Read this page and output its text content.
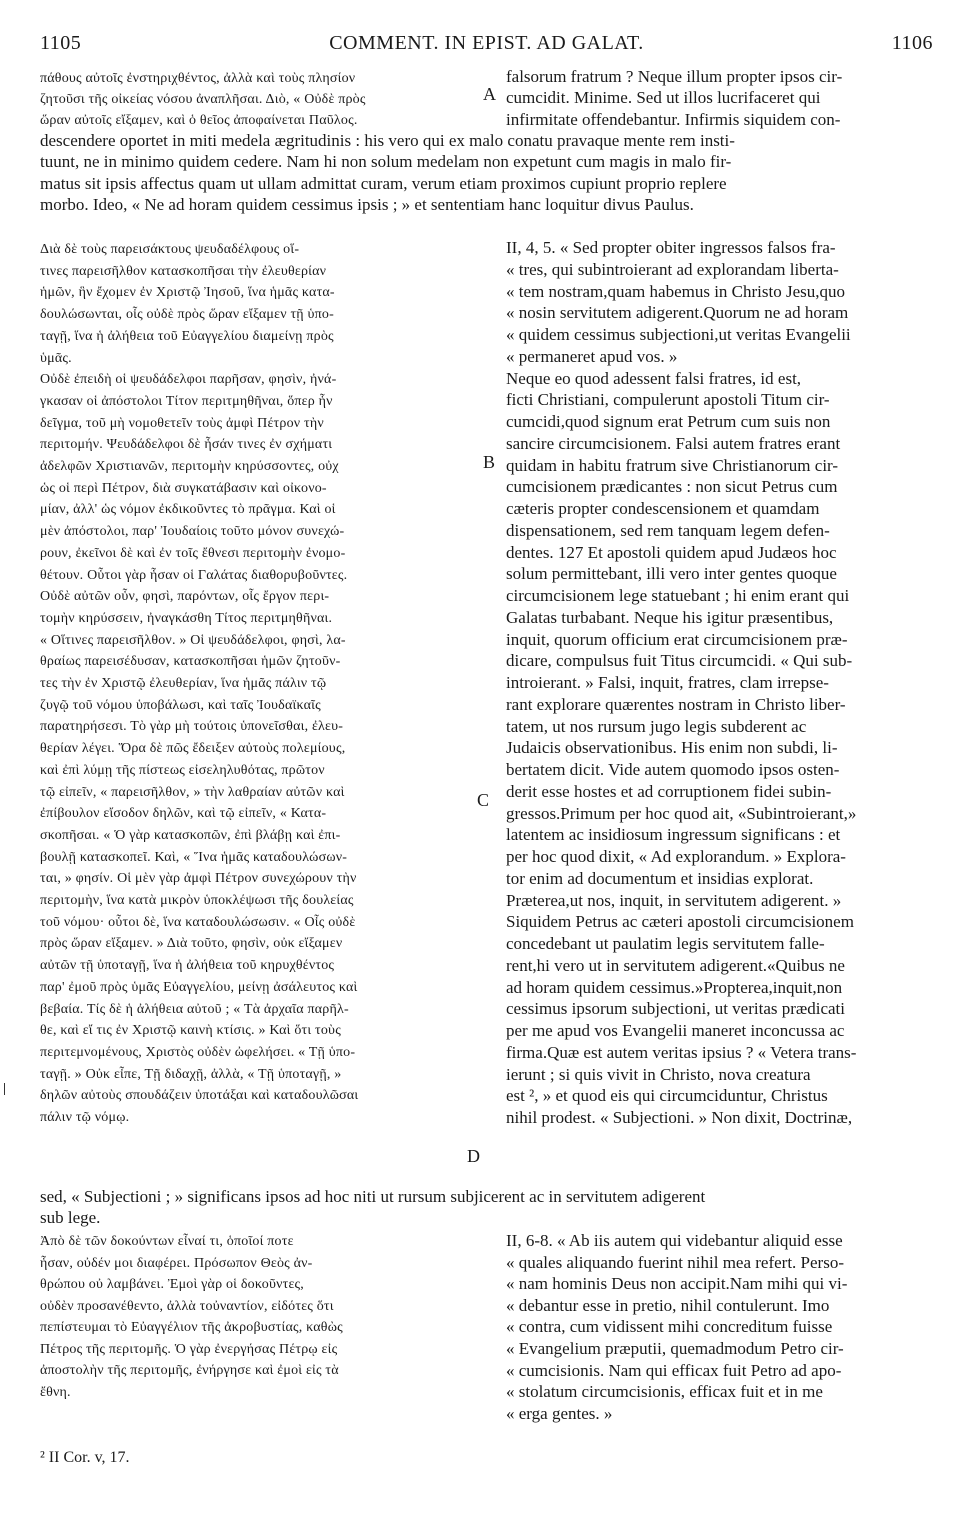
1105	COMMENT. IN EPIST. AD GALAT.	1106
A
B
C
D
πάθους αὐτοῖς ἐνστηριχθέντος, ἀλλὰ καὶ τοὺς πλησίον
ζητοῦσι τῆς οἰκείας νόσου ἀναπλῆσαι. Διὸ, « Οὐδὲ πρὸς
ὥραν αὐτοῖς εἴξαμεν, καὶ ὁ θεῖος ἀποφαίνεται Παῦλος.
falsorum fratrum ? Neque illum propter ipsos cir-
cumcidit. Minime. Sed ut illos lucrifaceret qui
infirmitate offendebantur. Infirmis siquidem con-
descendere oportet in miti medela ægritudinis : his vero qui ex malo conatu pravaque mente rem insti-
tuunt, ne in minimo quidem cedere. Nam hi non solum medelam non expetunt cum magis in malo fir-
matus sit ipsis affectus quam ut ullam admittat curam, verum etiam proximos cupiunt proprio replere
morbo. Ideo, « Ne ad horam quidem cessimus ipsis ; » et sententiam hanc loquitur divus Paulus.
Διὰ δὲ τοὺς παρεισάκτους ψευδαδέλφους οἵ-
τινες παρεισῆλθον κατασκοπῆσαι τὴν ἐλευθερίαν
ἡμῶν, ἣν ἔχομεν ἐν Χριστῷ Ἰησοῦ, ἵνα ἡμᾶς κατα-
δουλώσωνται, οἷς οὐδὲ πρὸς ὥραν εἴξαμεν τῇ ὑπο-
ταγῇ, ἵνα ἡ ἀλήθεια τοῦ Εὐαγγελίου διαμείνῃ πρὸς
ὑμᾶς.
Οὐδὲ ἐπειδὴ οἱ ψευδάδελφοι παρῆσαν, φησὶν, ἠνά-
γκασαν οἱ ἀπόστολοι Τίτον περιτμηθῆναι, ὅπερ ἦν
δεῖγμα, τοῦ μὴ νομοθετεῖν τοὺς ἀμφὶ Πέτρον τὴν
περιτομήν. Ψευδάδελφοι δὲ ἦσάν τινες ἐν σχήματι
ἀδελφῶν Χριστιανῶν, περιτομὴν κηρύσσοντες, οὐχ
ὡς οἱ περὶ Πέτρον, διὰ συγκατάβασιν καὶ οἰκονο-
μίαν, ἀλλ' ὡς νόμον ἐκδικοῦντες τὸ πρᾶγμα. Καὶ οἱ
μὲν ἀπόστολοι, παρ' Ἰουδαίοις τοῦτο μόνον συνεχώ-
ρουν, ἐκεῖνοι δὲ καὶ ἐν τοῖς ἔθνεσι περιτομὴν ἐνομο-
θέτουν. Οὗτοι γὰρ ἦσαν οἱ Γαλάτας διαθορυβοῦντες.
Οὐδὲ αὐτῶν οὖν, φησὶ, παρόντων, οἷς ἔργον περι-
τομὴν κηρύσσειν, ἠναγκάσθη Τίτος περιτμηθῆναι.
« Οἵτινες παρεισῆλθον. » Οἱ ψευδάδελφοι, φησὶ, λα-
θραίως παρεισέδυσαν, κατασκοπῆσαι ἡμῶν ζητοῦν-
τες τὴν ἐν Χριστῷ ἐλευθερίαν, ἵνα ἡμᾶς πάλιν τῷ
ζυγῷ τοῦ νόμου ὑποβάλωσι, καὶ ταῖς Ἰουδαϊκαῖς
παρατηρήσεσι. Τὸ γὰρ μὴ τούτοις ὑπονεῖσθαι, ἐλευ-
θερίαν λέγει. Ὅρα δὲ πῶς ἔδειξεν αὐτοὺς πολεμίους,
καὶ ἐπὶ λύμῃ τῆς πίστεως εἰσεληλυθότας, πρῶτον
τῷ εἰπεῖν, « παρεισῆλθον, » τὴν λαθραίαν αὐτῶν καὶ
ἐπίβουλον εἴσοδον δηλῶν, καὶ τῷ εἰπεῖν, « Κατα-
σκοπῆσαι. « Ὁ γὰρ κατασκοπῶν, ἐπὶ βλάβῃ καὶ ἐπι-
βουλῇ κατασκοπεῖ. Καὶ, « Ἵνα ἡμᾶς καταδουλώσων-
ται, » φησίν. Οἱ μὲν γὰρ ἀμφὶ Πέτρον συνεχώρουν τὴν
περιτομὴν, ἵνα κατὰ μικρὸν ὑποκλέψωσι τῆς δουλείας
τοῦ νόμου· οὗτοι δὲ, ἵνα καταδουλώσωσιν. « Οἷς οὐδὲ
πρὸς ὥραν εἴξαμεν. » Διὰ τοῦτο, φησὶν, οὐκ εἴξαμεν
αὐτῶν τῇ ὑποταγῇ, ἵνα ἡ ἀλήθεια τοῦ κηρυχθέντος
παρ' ἐμοῦ πρὸς ὑμᾶς Εὐαγγελίου, μείνῃ ἀσάλευτος καὶ
βεβαία. Τίς δὲ ἡ ἀλήθεια αὐτοῦ ; « Τὰ ἀρχαῖα παρῆλ-
θε, καὶ εἴ τις ἐν Χριστῷ καινὴ κτίσις. » Καὶ ὅτι τοὺς
περιτεμνομένους, Χριστὸς οὐδὲν ὠφελήσει. « Τῇ ὑπο-
ταγῇ. » Οὐκ εἶπε, Τῇ διδαχῇ, ἀλλὰ, « Τῇ ὑποταγῇ, »
δηλῶν αὐτοὺς σπουδάζειν ὑποτάξαι καὶ καταδουλῶσαι
πάλιν τῷ νόμῳ.
II, 4, 5. « Sed propter obiter ingressos falsos fra-
« tres, qui subintroierant ad explorandam liberta-
« tem nostram,quam habemus in Christo Jesu,quo
« nosin servitutem adigerent.Quorum ne ad horam
« quidem cessimus subjectioni,ut veritas Evangelii
« permaneret apud vos. »
Neque eo quod adessent falsi fratres, id est,
ficti Christiani, compulerunt apostoli Titum cir-
cumcidi,quod signum erat Petrum cum suis non
sancire circumcisionem. Falsi autem fratres erant
quidam in habitu fratrum sive Christianorum cir-
cumcisionem prædicantes : non sicut Petrus cum
cæteris propter condescensionem et quamdam
dispensationem, sed rem tanquam legem defen-
dentes. 127 Et apostoli quidem apud Judæos hoc
solum permittebant, illi vero inter gentes quoque
circumcisionem lege statuebant ; hi enim erant qui
Galatas turbabant. Neque his igitur præsentibus,
inquit, quorum officium erat circumcisionem præ-
dicare, compulsus fuit Titus circumcidi. « Qui sub-
introierant. » Falsi, inquit, fratres, clam irrepse-
rant explorare quærentes nostram in Christo liber-
tatem, ut nos rursum jugo legis subderent ac
Judaicis observationibus. His enim non subdi, li-
bertatem dicit. Vide autem quomodo ipsos osten-
derit esse hostes et ad corruptionem fidei subin-
gressos.Primum per hoc quod ait, «Subintroierant,»
latentem ac insidiosum ingressum significans : et
per hoc quod dixit, « Ad explorandum. » Explora-
tor enim ad documentum et insidias explorat.
Præterea,ut nos, inquit, in servitutem adigerent. »
Siquidem Petrus ac cæteri apostoli circumcisionem
concedebant ut paulatim legis servitutem falle-
rent,hi vero ut in servitutem adigerent.«Quibus ne
ad horam quidem cessimus.»Propterea,inquit,non
cessimus ipsorum subjectioni, ut veritas prædicati
per me apud vos Evangelii maneret inconcussa ac
firma.Quæ est autem veritas ipsius ? « Vetera trans-
ierunt ; si quis vivit in Christo, nova creatura
est ², » et quod eis qui circumciduntur, Christus
nihil prodest. « Subjectioni. » Non dixit, Doctrinæ,
sed, « Subjectioni ; » significans ipsos ad hoc niti ut rursum subjicerent ac in servitutem adigerent
sub lege.
Ἀπὸ δὲ τῶν δοκούντων εἶναί τι, ὁποῖοί ποτε
ἦσαν, οὐδέν μοι διαφέρει. Πρόσωπον Θεὸς ἀν-
θρώπου οὐ λαμβάνει. Ἐμοὶ γὰρ οἱ δοκοῦντες,
οὐδὲν προσανέθεντο, ἀλλὰ τοὐναντίον, εἰδότες ὅτι
πεπίστευμαι τὸ Εὐαγγέλιον τῆς ἀκροβυστίας, καθὼς
Πέτρος τῆς περιτομῆς. Ὁ γὰρ ἐνεργήσας Πέτρῳ εἰς
ἀποστολὴν τῆς περιτομῆς, ἐνήργησε καὶ ἐμοὶ εἰς τὰ
ἔθνη.
II, 6-8. « Ab iis autem qui videbantur aliquid esse
« quales aliquando fuerint nihil mea refert. Perso-
« nam hominis Deus non accipit.Nam mihi qui vi-
« debantur esse in pretio, nihil contulerunt. Imo
« contra, cum vidissent mihi concreditum fuisse
« Evangelium præputii, quemadmodum Petro cir-
« cumcisionis. Nam qui efficax fuit Petro ad apo-
« stolatum circumcisionis, efficax fuit et in me
« erga gentes. »
² II Cor. v, 17.
